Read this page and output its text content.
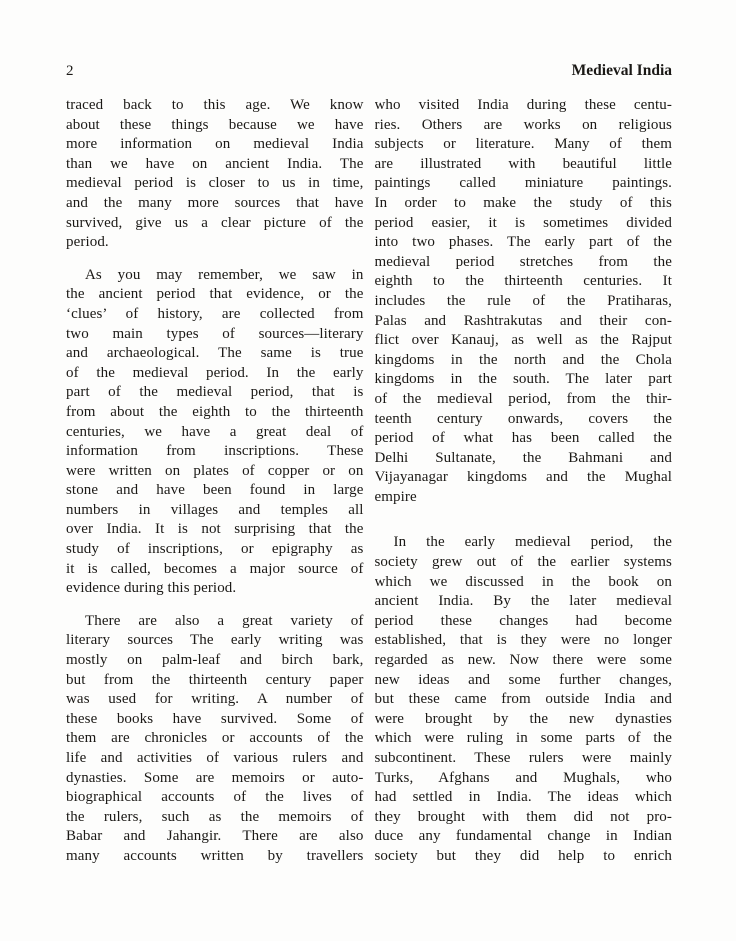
2	Medieval India
traced back to this age. We know
about these things because we have
more information on medieval India
than we have on ancient India. The
medieval period is closer to us in time,
and the many more sources that have
survived, give us a clear picture of the
period.
As you may remember, we saw in
the ancient period that evidence, or the
‘clues’ of history, are collected from
two main types of sources—literary
and archaeological. The same is true
of the medieval period. In the early
part of the medieval period, that is
from about the eighth to the thirteenth
centuries, we have a great deal of
information from inscriptions. These
were written on plates of copper or on
stone and have been found in large
numbers in villages and temples all
over India. It is not surprising that the
study of inscriptions, or epigraphy as
it is called, becomes a major source of
evidence during this period.
There are also a great variety of
literary sources The early writing was
mostly on palm-leaf and birch bark,
but from the thirteenth century paper
was used for writing. A number of
these books have survived. Some of
them are chronicles or accounts of the
life and activities of various rulers and
dynasties. Some are memoirs or auto-
biographical accounts of the lives of
the rulers, such as the memoirs of
Babar and Jahangir. There are also
many accounts written by travellers
who visited India during these centu-
ries. Others are works on religious
subjects or literature. Many of them
are illustrated with beautiful little
paintings called miniature paintings.
In order to make the study of this
period easier, it is sometimes divided
into two phases. The early part of the
medieval period stretches from the
eighth to the thirteenth centuries. It
includes the rule of the Pratiharas,
Palas and Rashtrakutas and their con-
flict over Kanauj, as well as the Rajput
kingdoms in the north and the Chola
kingdoms in the south. The later part
of the medieval period, from the thir-
teenth century onwards, covers the
period of what has been called the
Delhi Sultanate, the Bahmani and
Vijayanagar kingdoms and the Mughal
empire
In the early medieval period, the
society grew out of the earlier systems
which we discussed in the book on
ancient India. By the later medieval
period these changes had become
established, that is they were no longer
regarded as new. Now there were some
new ideas and some further changes,
but these came from outside India and
were brought by the new dynasties
which were ruling in some parts of the
subcontinent. These rulers were mainly
Turks, Afghans and Mughals, who
had settled in India. The ideas which
they brought with them did not pro-
duce any fundamental change in Indian
society but they did help to enrich
